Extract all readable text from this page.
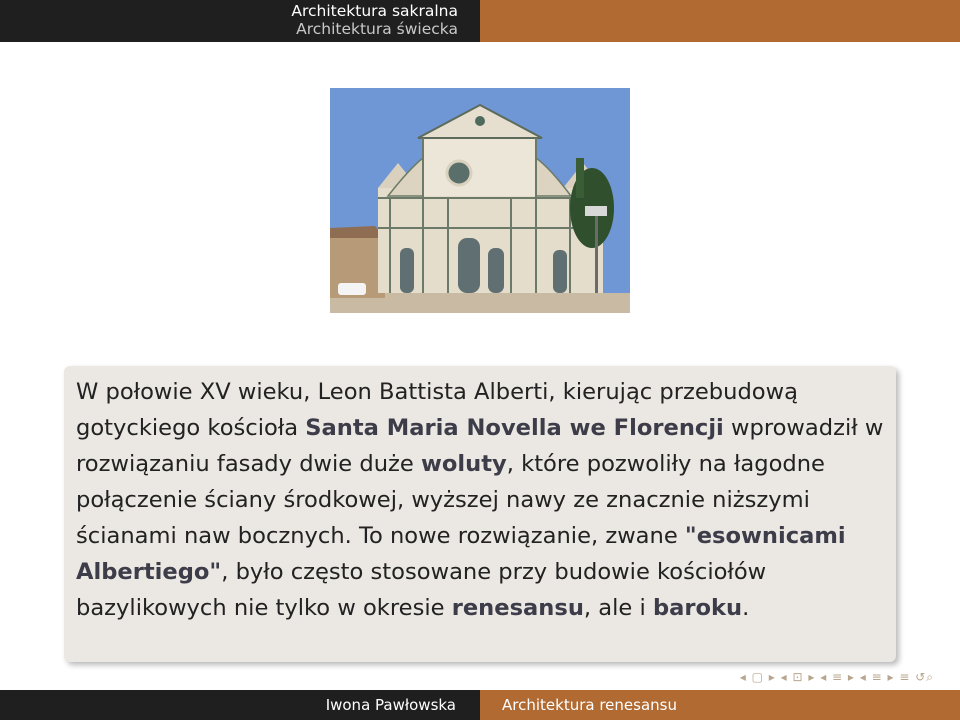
Architektura sakralna
Architektura świecka
W połowie XV wieku, Leon Battista Alberti, kierując przebudową gotyckiego kościoła Santa Maria Novella we Florencji wprowadził w rozwiązaniu fasady dwie duże woluty, które pozwoliły na łagodne połączenie ściany środkowej, wyższej nawy ze znacznie niższymi ścianami naw bocznych. To nowe rozwiązanie, zwane "esownicami Albertiego", było często stosowane przy budowie kościołów bazylikowych nie tylko w okresie renesansu, ale i baroku.
◂ ▢ ▸ ◂ ⊡ ▸ ◂ ≡ ▸ ◂ ≡ ▸ ≡ ↺⌕
Iwona Pawłowska	Architektura renesansu
